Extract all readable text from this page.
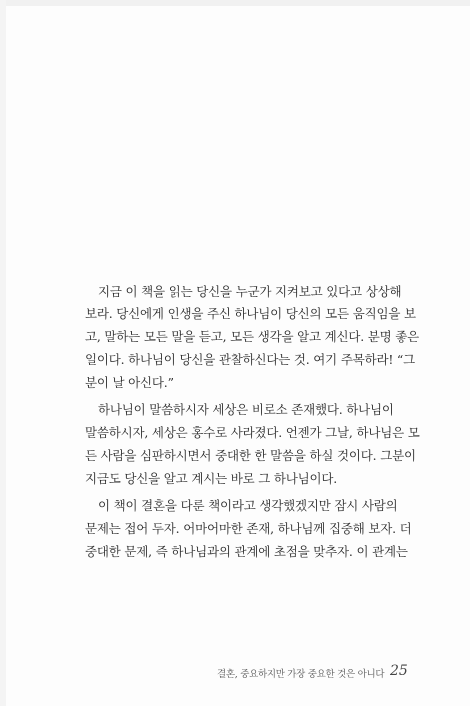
지금 이 책을 읽는 당신을 누군가 지켜보고 있다고 상상해
보라. 당신에게 인생을 주신 하나님이 당신의 모든 움직임을 보
고, 말하는 모든 말을 듣고, 모든 생각을 알고 계신다. 분명 좋은
일이다. 하나님이 당신을 관찰하신다는 것. 여기 주목하라! “그
분이 날 아신다.”
하나님이 말씀하시자 세상은 비로소 존재했다. 하나님이
말씀하시자, 세상은 홍수로 사라졌다. 언젠가 그날, 하나님은 모
든 사람을 심판하시면서 중대한 한 말씀을 하실 것이다. 그분이
지금도 당신을 알고 계시는 바로 그 하나님이다.
이 책이 결혼을 다룬 책이라고 생각했겠지만 잠시 사람의
문제는 접어 두자. 어마어마한 존재, 하나님께 집중해 보자. 더
중대한 문제, 즉 하나님과의 관계에 초점을 맞추자. 이 관계는
결혼, 중요하지만 가장 중요한 것은 아니다 25
